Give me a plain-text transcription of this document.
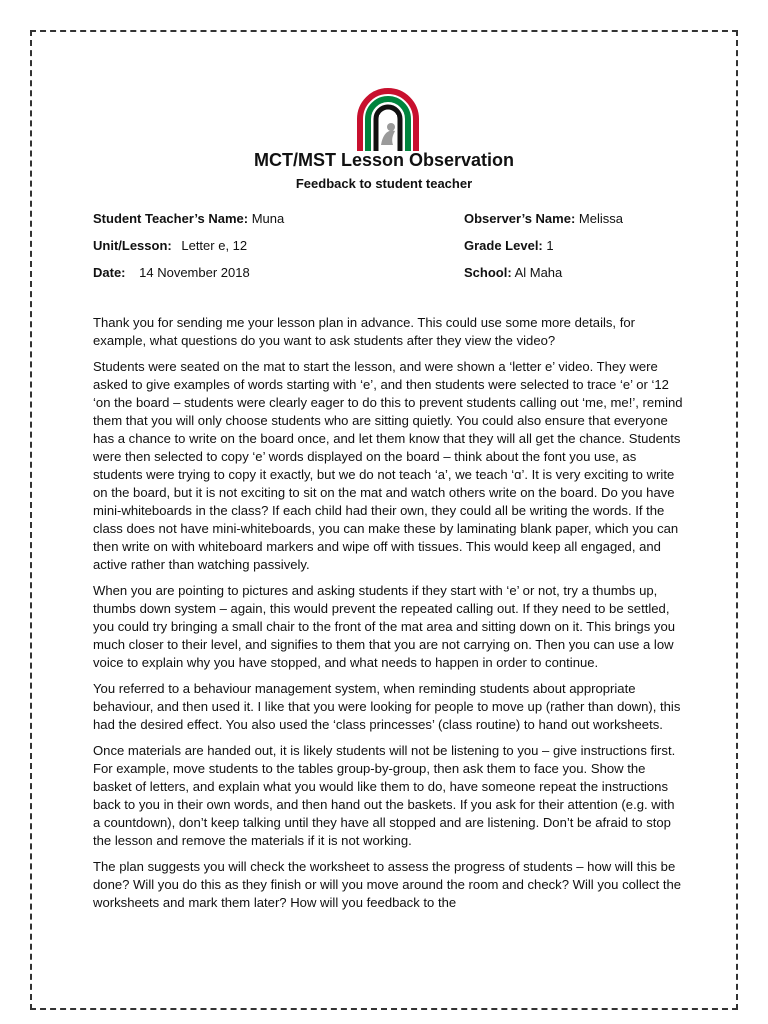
MCT/MST Lesson Observation
Feedback to student teacher
Student Teacher’s Name: Muna	Observer’s Name: Melissa
Unit/Lesson: Letter e, 12	Grade Level: 1
Date: 14 November 2018	School: Al Maha

Thank you for sending me your lesson plan in advance. This could use some more details, for example, what questions do you want to ask students after they view the video?

Students were seated on the mat to start the lesson, and were shown a ‘letter e’ video. They were asked to give examples of words starting with ‘e’, and then students were selected to trace ‘e’ or ‘12 ‘on the board – students were clearly eager to do this to prevent students calling out ‘me, me!’, remind them that you will only choose students who are sitting quietly. You could also ensure that everyone has a chance to write on the board once, and let them know that they will all get the chance. Students were then selected to copy ‘e’ words displayed on the board – think about the font you use, as students were trying to copy it exactly, but we do not teach ‘a’, we teach ‘ɑ’. It is very exciting to write on the board, but it is not exciting to sit on the mat and watch others write on the board. Do you have mini-whiteboards in the class? If each child had their own, they could all be writing the words. If the class does not have mini-whiteboards, you can make these by laminating blank paper, which you can then write on with whiteboard markers and wipe off with tissues. This would keep all engaged, and active rather than watching passively.

When you are pointing to pictures and asking students if they start with ‘e’ or not, try a thumbs up, thumbs down system – again, this would prevent the repeated calling out. If they need to be settled, you could try bringing a small chair to the front of the mat area and sitting down on it. This brings you much closer to their level, and signifies to them that you are not carrying on. Then you can use a low voice to explain why you have stopped, and what needs to happen in order to continue.

You referred to a behaviour management system, when reminding students about appropriate behaviour, and then used it. I like that you were looking for people to move up (rather than down), this had the desired effect. You also used the ‘class princesses’ (class routine) to hand out worksheets.

Once materials are handed out, it is likely students will not be listening to you – give instructions first. For example, move students to the tables group-by-group, then ask them to face you. Show the basket of letters, and explain what you would like them to do, have someone repeat the instructions back to you in their own words, and then hand out the baskets. If you ask for their attention (e.g. with a countdown), don’t keep talking until they have all stopped and are listening. Don’t be afraid to stop the lesson and remove the materials if it is not working.

The plan suggests you will check the worksheet to assess the progress of students – how will this be done? Will you do this as they finish or will you move around the room and check? Will you collect the worksheets and mark them later? How will you feedback to the
